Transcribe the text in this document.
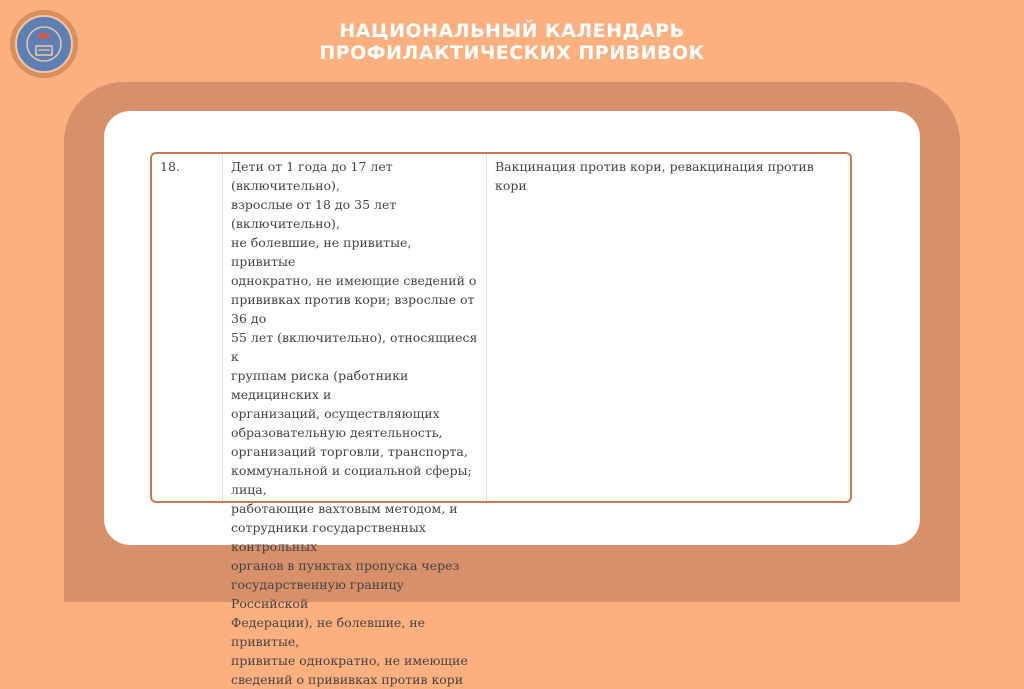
НАЦИОНАЛЬНЫЙ КАЛЕНДАРЬ
ПРОФИЛАКТИЧЕСКИХ ПРИВИВОК
18.	Дети от 1 года до 17 лет (включительно),
взрослые от 18 до 35 лет (включительно),
не болевшие, не привитые, привитые
однократно, не имеющие сведений о
прививках против кори; взрослые от 36 до
55 лет (включительно), относящиеся к
группам риска (работники медицинских и
организаций, осуществляющих
образовательную деятельность,
организаций торговли, транспорта,
коммунальной и социальной сферы; лица,
работающие вахтовым методом, и
сотрудники государственных контрольных
органов в пунктах пропуска через
государственную границу Российской
Федерации), не болевшие, не привитые,
привитые однократно, не имеющие
сведений о прививках против кори
Вакцинация против кори, ревакцинация против кори
